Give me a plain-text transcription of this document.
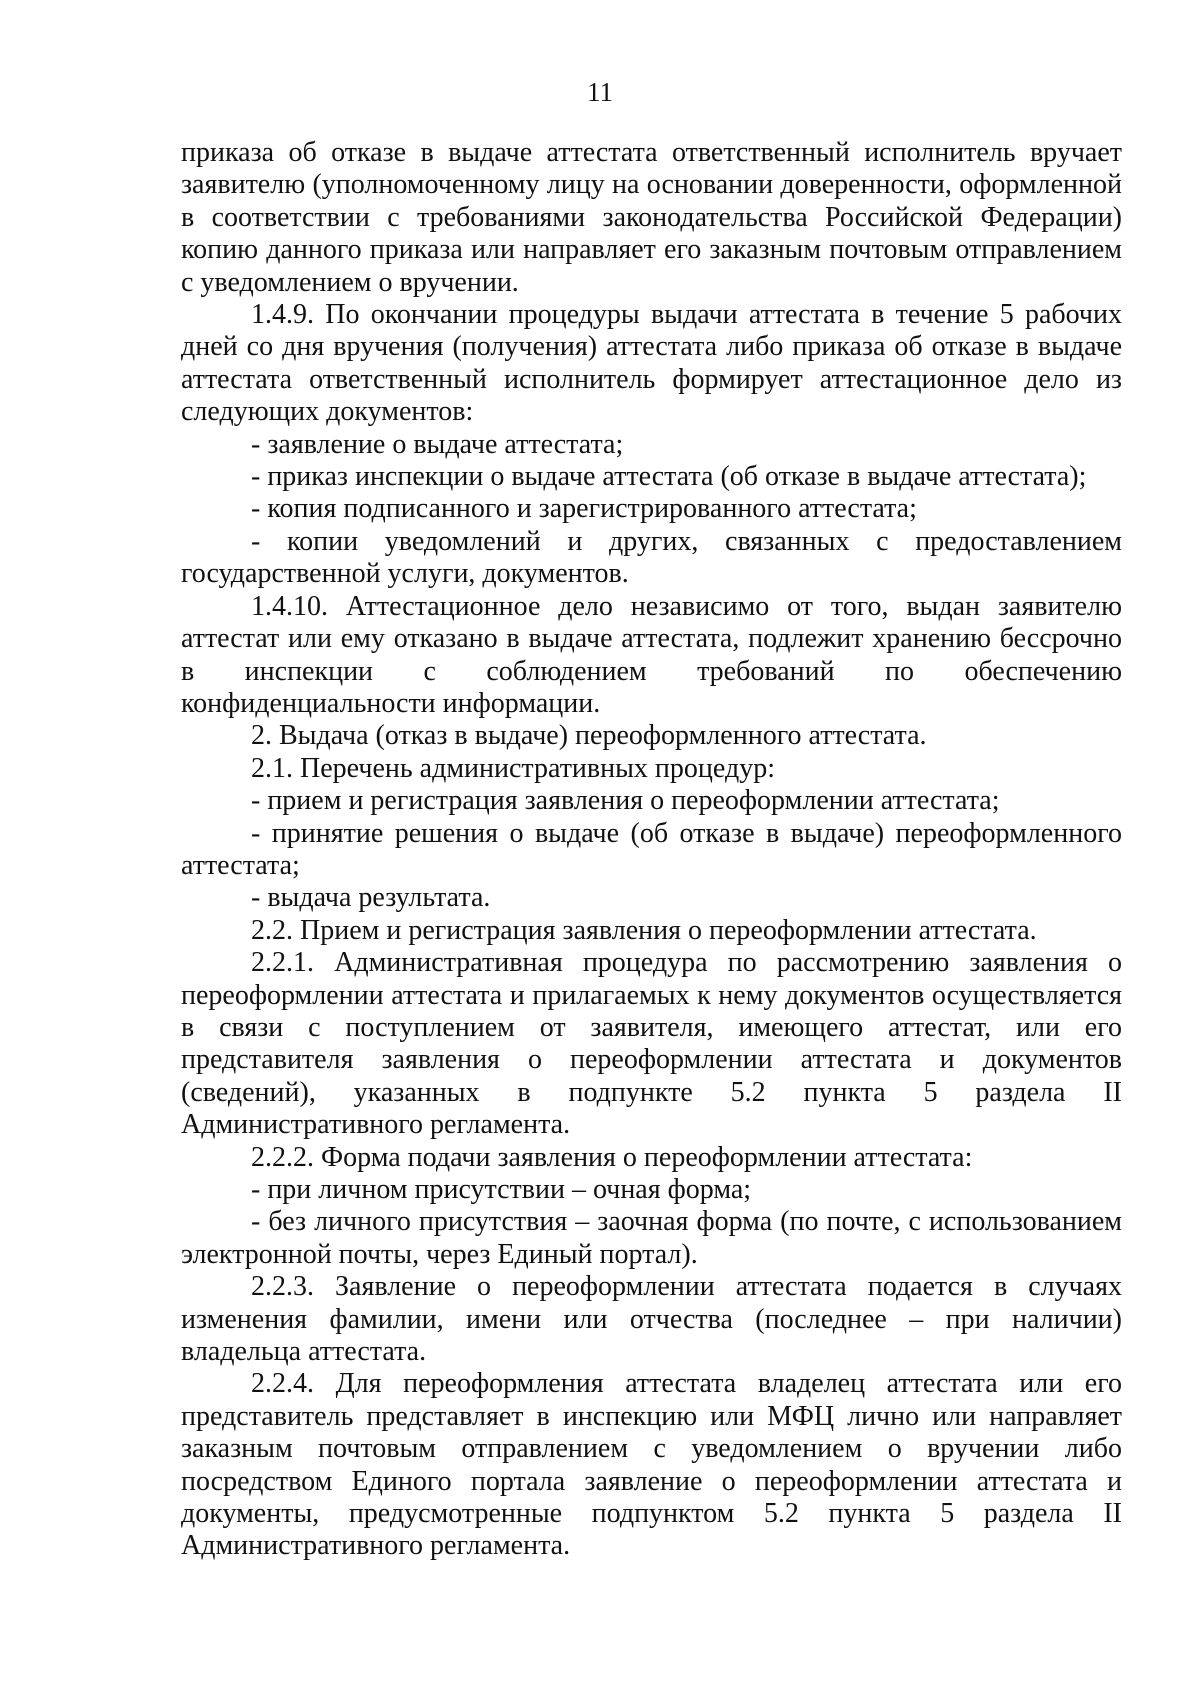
11

приказа об отказе в выдаче аттестата ответственный исполнитель вручает заявителю (уполномоченному лицу на основании доверенности, оформленной в соответствии с требованиями законодательства Российской Федерации) копию данного приказа или направляет его заказным почтовым отправлением с уведомлением о вручении.

1.4.9. По окончании процедуры выдачи аттестата в течение 5 рабочих дней со дня вручения (получения) аттестата либо приказа об отказе в выдаче аттестата ответственный исполнитель формирует аттестационное дело из следующих документов:

- заявление о выдаче аттестата;

- приказ инспекции о выдаче аттестата (об отказе в выдаче аттестата);

- копия подписанного и зарегистрированного аттестата;

- копии уведомлений и других, связанных с предоставлением государственной услуги, документов.

1.4.10. Аттестационное дело независимо от того, выдан заявителю аттестат или ему отказано в выдаче аттестата, подлежит хранению бессрочно в инспекции с соблюдением требований по обеспечению конфиденциальности информации.

2. Выдача (отказ в выдаче) переоформленного аттестата.

2.1. Перечень административных процедур:

- прием и регистрация заявления о переоформлении аттестата;

- принятие решения о выдаче (об отказе в выдаче) переоформленного аттестата;

- выдача результата.

2.2. Прием и регистрация заявления о переоформлении аттестата.

2.2.1. Административная процедура по рассмотрению заявления о переоформлении аттестата и прилагаемых к нему документов осуществляется в связи с поступлением от заявителя, имеющего аттестат, или его представителя заявления о переоформлении аттестата и документов (сведений), указанных в подпункте 5.2 пункта 5 раздела II Административного регламента.

2.2.2. Форма подачи заявления о переоформлении аттестата:

- при личном присутствии – очная форма;

- без личного присутствия – заочная форма (по почте, с использованием электронной почты, через Единый портал).

2.2.3. Заявление о переоформлении аттестата подается в случаях изменения фамилии, имени или отчества (последнее – при наличии) владельца аттестата.

2.2.4. Для переоформления аттестата владелец аттестата или его представитель представляет в инспекцию или МФЦ лично или направляет заказным почтовым отправлением с уведомлением о вручении либо посредством Единого портала заявление о переоформлении аттестата и документы, предусмотренные подпунктом 5.2 пункта 5 раздела II Административного регламента.
